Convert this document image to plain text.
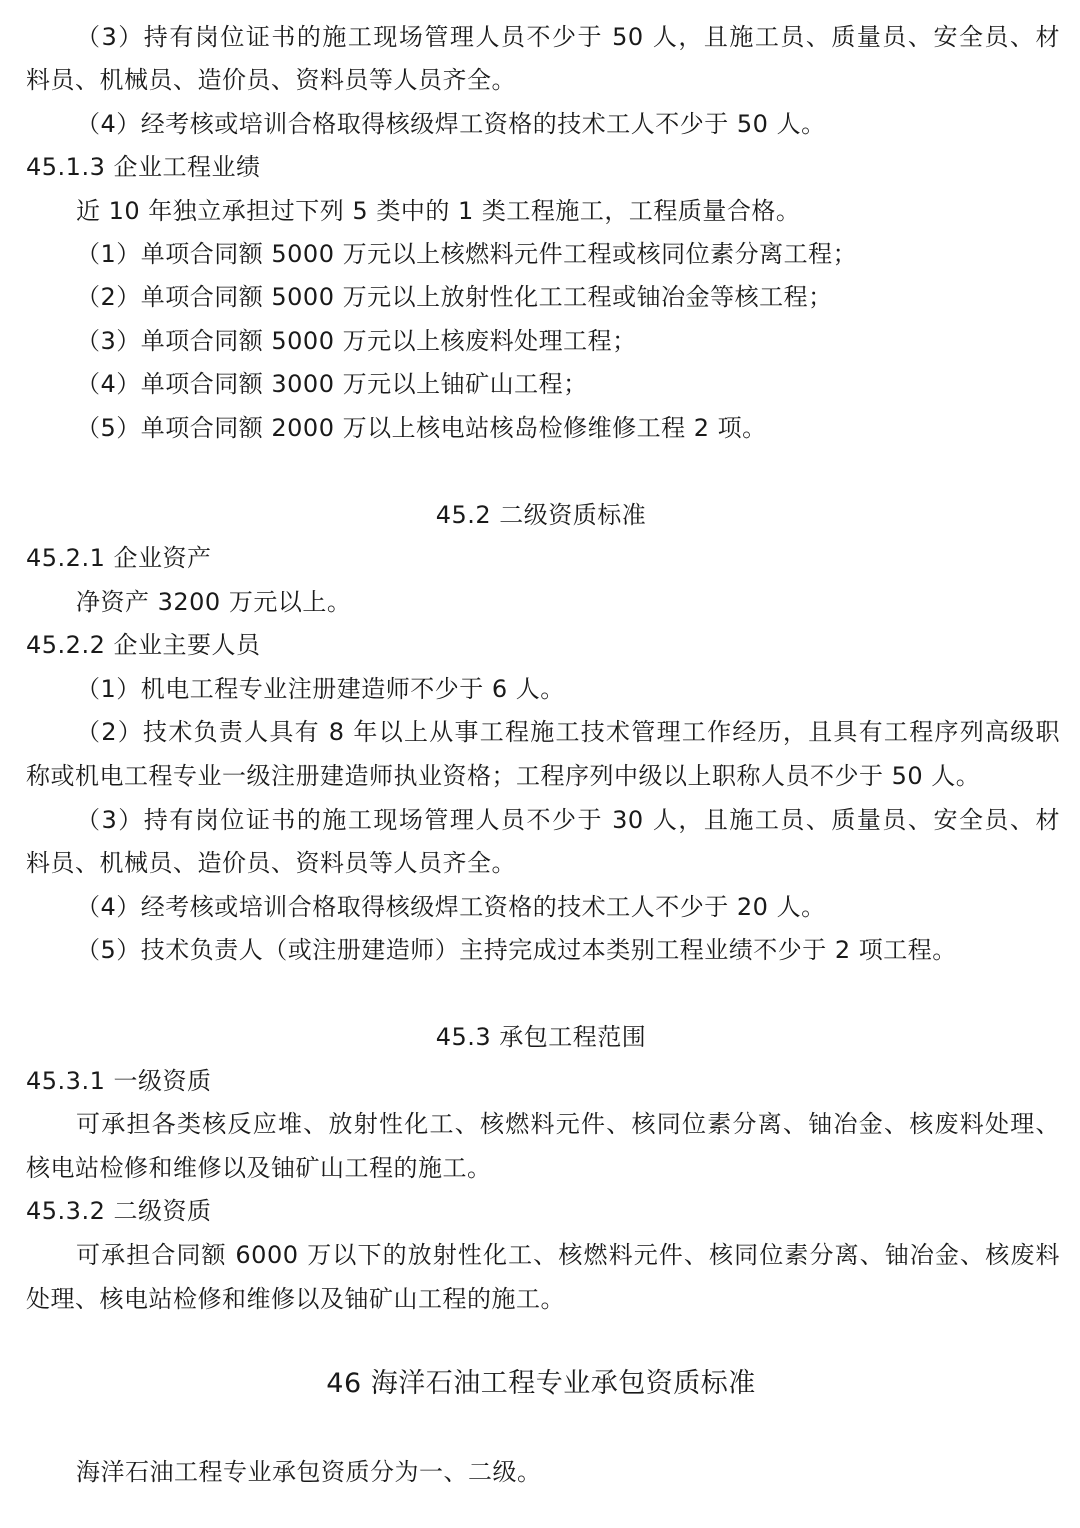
（3）持有岗位证书的施工现场管理人员不少于 50 人，且施工员、质量员、安全员、材
料员、机械员、造价员、资料员等人员齐全。
（4）经考核或培训合格取得核级焊工资格的技术工人不少于 50 人。
45.1.3 企业工程业绩
近 10 年独立承担过下列 5 类中的 1 类工程施工，工程质量合格。
（1）单项合同额 5000 万元以上核燃料元件工程或核同位素分离工程；
（2）单项合同额 5000 万元以上放射性化工工程或铀冶金等核工程；
（3）单项合同额 5000 万元以上核废料处理工程；
（4）单项合同额 3000 万元以上铀矿山工程；
（5）单项合同额 2000 万以上核电站核岛检修维修工程 2 项。
45.2 二级资质标准
45.2.1 企业资产
净资产 3200 万元以上。
45.2.2 企业主要人员
（1）机电工程专业注册建造师不少于 6 人。
（2）技术负责人具有 8 年以上从事工程施工技术管理工作经历，且具有工程序列高级职
称或机电工程专业一级注册建造师执业资格；工程序列中级以上职称人员不少于 50 人。
（3）持有岗位证书的施工现场管理人员不少于 30 人，且施工员、质量员、安全员、材
料员、机械员、造价员、资料员等人员齐全。
（4）经考核或培训合格取得核级焊工资格的技术工人不少于 20 人。
（5）技术负责人（或注册建造师）主持完成过本类别工程业绩不少于 2 项工程。
45.3 承包工程范围
45.3.1 一级资质
可承担各类核反应堆、放射性化工、核燃料元件、核同位素分离、铀冶金、核废料处理、
核电站检修和维修以及铀矿山工程的施工。
45.3.2 二级资质
可承担合同额 6000 万以下的放射性化工、核燃料元件、核同位素分离、铀冶金、核废料
处理、核电站检修和维修以及铀矿山工程的施工。
46 海洋石油工程专业承包资质标准
海洋石油工程专业承包资质分为一、二级。
